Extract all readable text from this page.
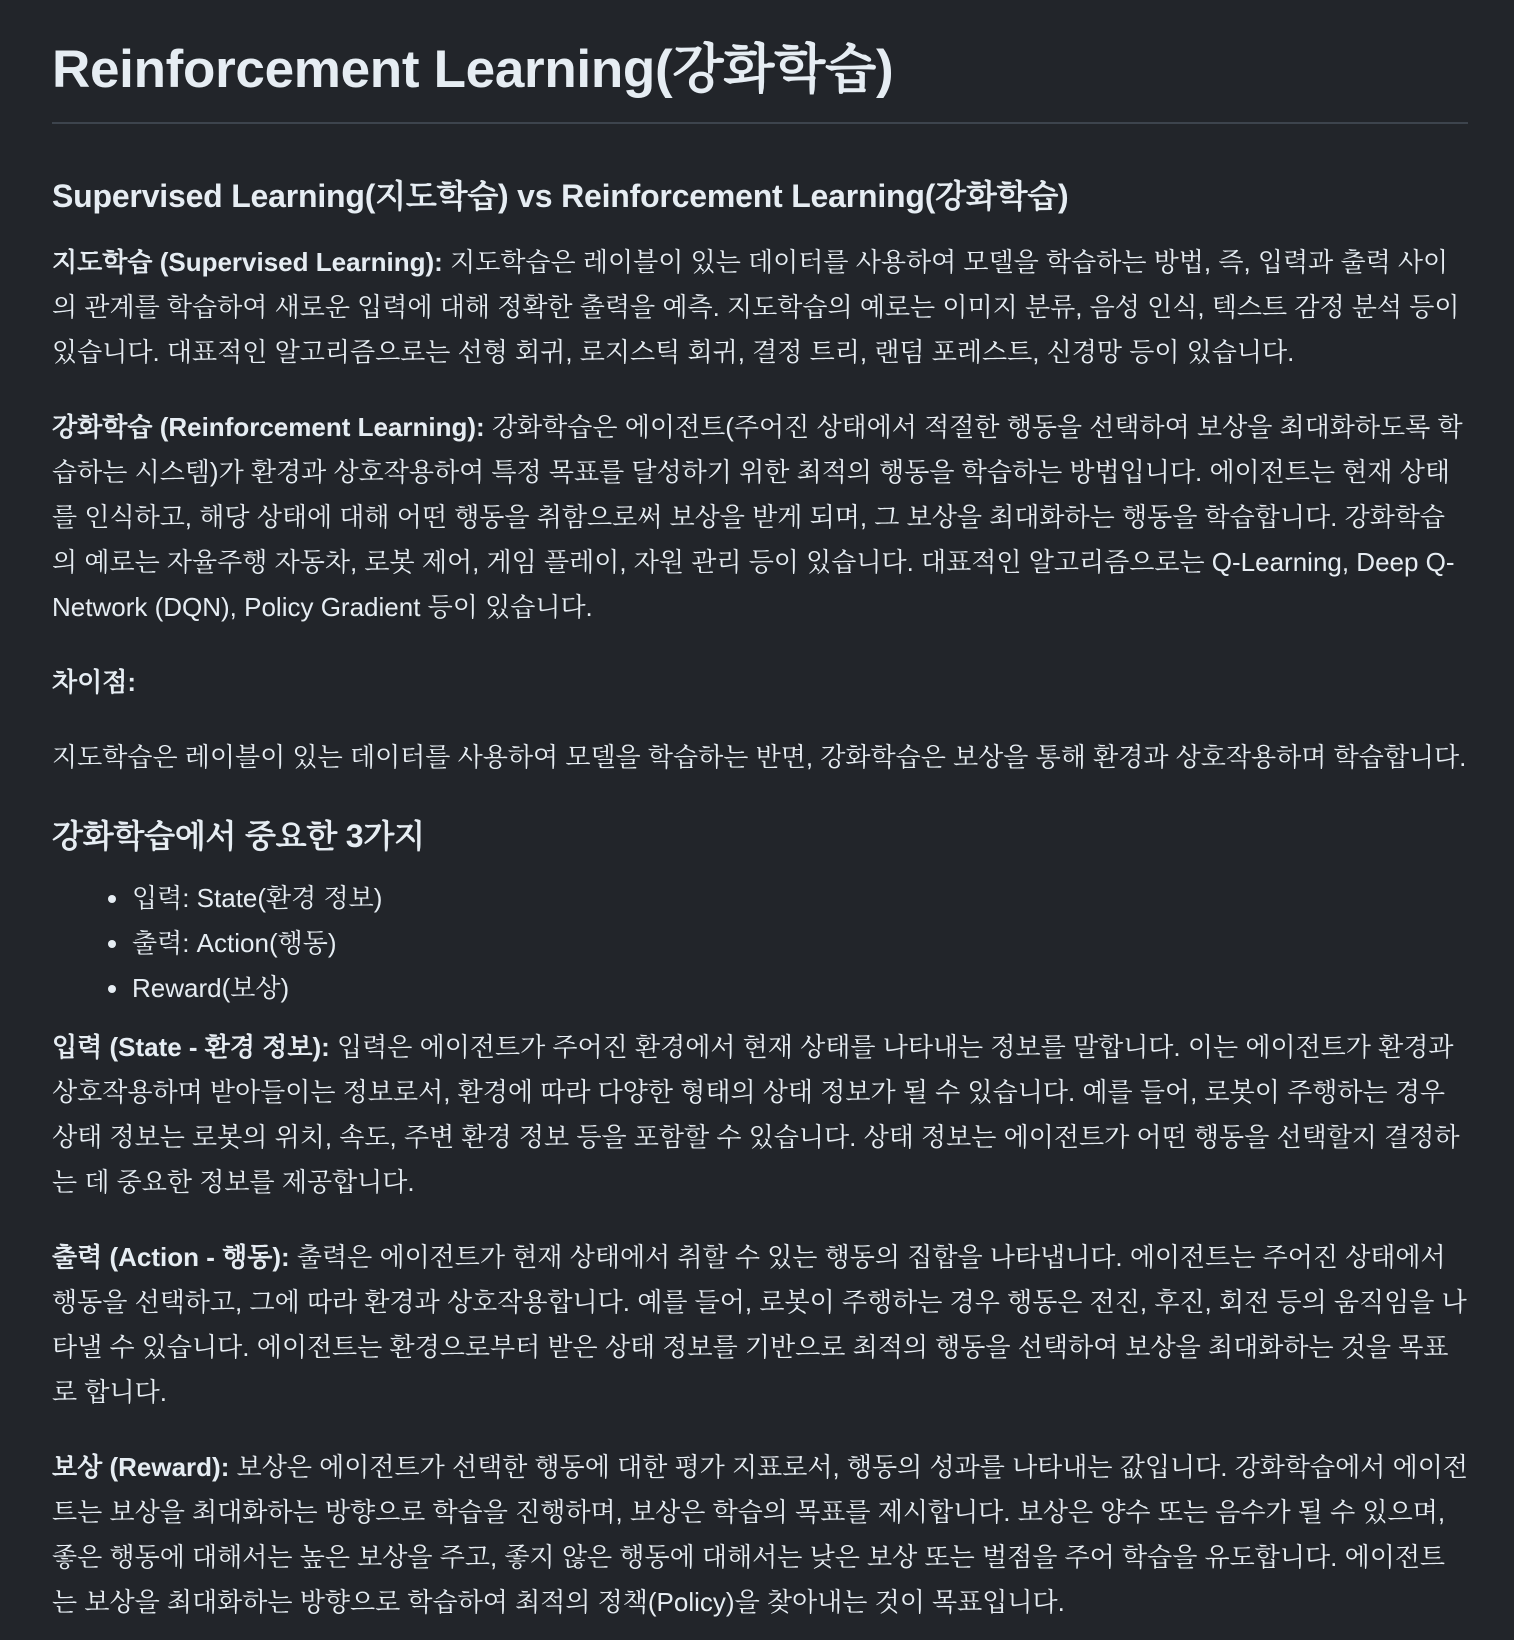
Reinforcement Learning(강화학습)
Supervised Learning(지도학습) vs Reinforcement Learning(강화학습)

지도학습 (Supervised Learning): 지도학습은 레이블이 있는 데이터를 사용하여 모델을 학습하는 방법, 즉, 입력과 출력 사이의 관계를 학습하여 새로운 입력에 대해 정확한 출력을 예측. 지도학습의 예로는 이미지 분류, 음성 인식, 텍스트 감정 분석 등이 있습니다. 대표적인 알고리즘으로는 선형 회귀, 로지스틱 회귀, 결정 트리, 랜덤 포레스트, 신경망 등이 있습니다.

강화학습 (Reinforcement Learning): 강화학습은 에이전트(주어진 상태에서 적절한 행동을 선택하여 보상을 최대화하도록 학습하는 시스템)가 환경과 상호작용하여 특정 목표를 달성하기 위한 최적의 행동을 학습하는 방법입니다. 에이전트는 현재 상태를 인식하고, 해당 상태에 대해 어떤 행동을 취함으로써 보상을 받게 되며, 그 보상을 최대화하는 행동을 학습합니다. 강화학습의 예로는 자율주행 자동차, 로봇 제어, 게임 플레이, 자원 관리 등이 있습니다. 대표적인 알고리즘으로는 Q-Learning, Deep Q-Network (DQN), Policy Gradient 등이 있습니다.

차이점:

지도학습은 레이블이 있는 데이터를 사용하여 모델을 학습하는 반면, 강화학습은 보상을 통해 환경과 상호작용하며 학습합니다.

강화학습에서 중요한 3가지
입력: State(환경 정보)
출력: Action(행동)
Reward(보상)

입력 (State - 환경 정보): 입력은 에이전트가 주어진 환경에서 현재 상태를 나타내는 정보를 말합니다. 이는 에이전트가 환경과 상호작용하며 받아들이는 정보로서, 환경에 따라 다양한 형태의 상태 정보가 될 수 있습니다. 예를 들어, 로봇이 주행하는 경우 상태 정보는 로봇의 위치, 속도, 주변 환경 정보 등을 포함할 수 있습니다. 상태 정보는 에이전트가 어떤 행동을 선택할지 결정하는 데 중요한 정보를 제공합니다.

출력 (Action - 행동): 출력은 에이전트가 현재 상태에서 취할 수 있는 행동의 집합을 나타냅니다. 에이전트는 주어진 상태에서 행동을 선택하고, 그에 따라 환경과 상호작용합니다. 예를 들어, 로봇이 주행하는 경우 행동은 전진, 후진, 회전 등의 움직임을 나타낼 수 있습니다. 에이전트는 환경으로부터 받은 상태 정보를 기반으로 최적의 행동을 선택하여 보상을 최대화하는 것을 목표로 합니다.

보상 (Reward): 보상은 에이전트가 선택한 행동에 대한 평가 지표로서, 행동의 성과를 나타내는 값입니다. 강화학습에서 에이전트는 보상을 최대화하는 방향으로 학습을 진행하며, 보상은 학습의 목표를 제시합니다. 보상은 양수 또는 음수가 될 수 있으며, 좋은 행동에 대해서는 높은 보상을 주고, 좋지 않은 행동에 대해서는 낮은 보상 또는 벌점을 주어 학습을 유도합니다. 에이전트는 보상을 최대화하는 방향으로 학습하여 최적의 정책(Policy)을 찾아내는 것이 목표입니다.
